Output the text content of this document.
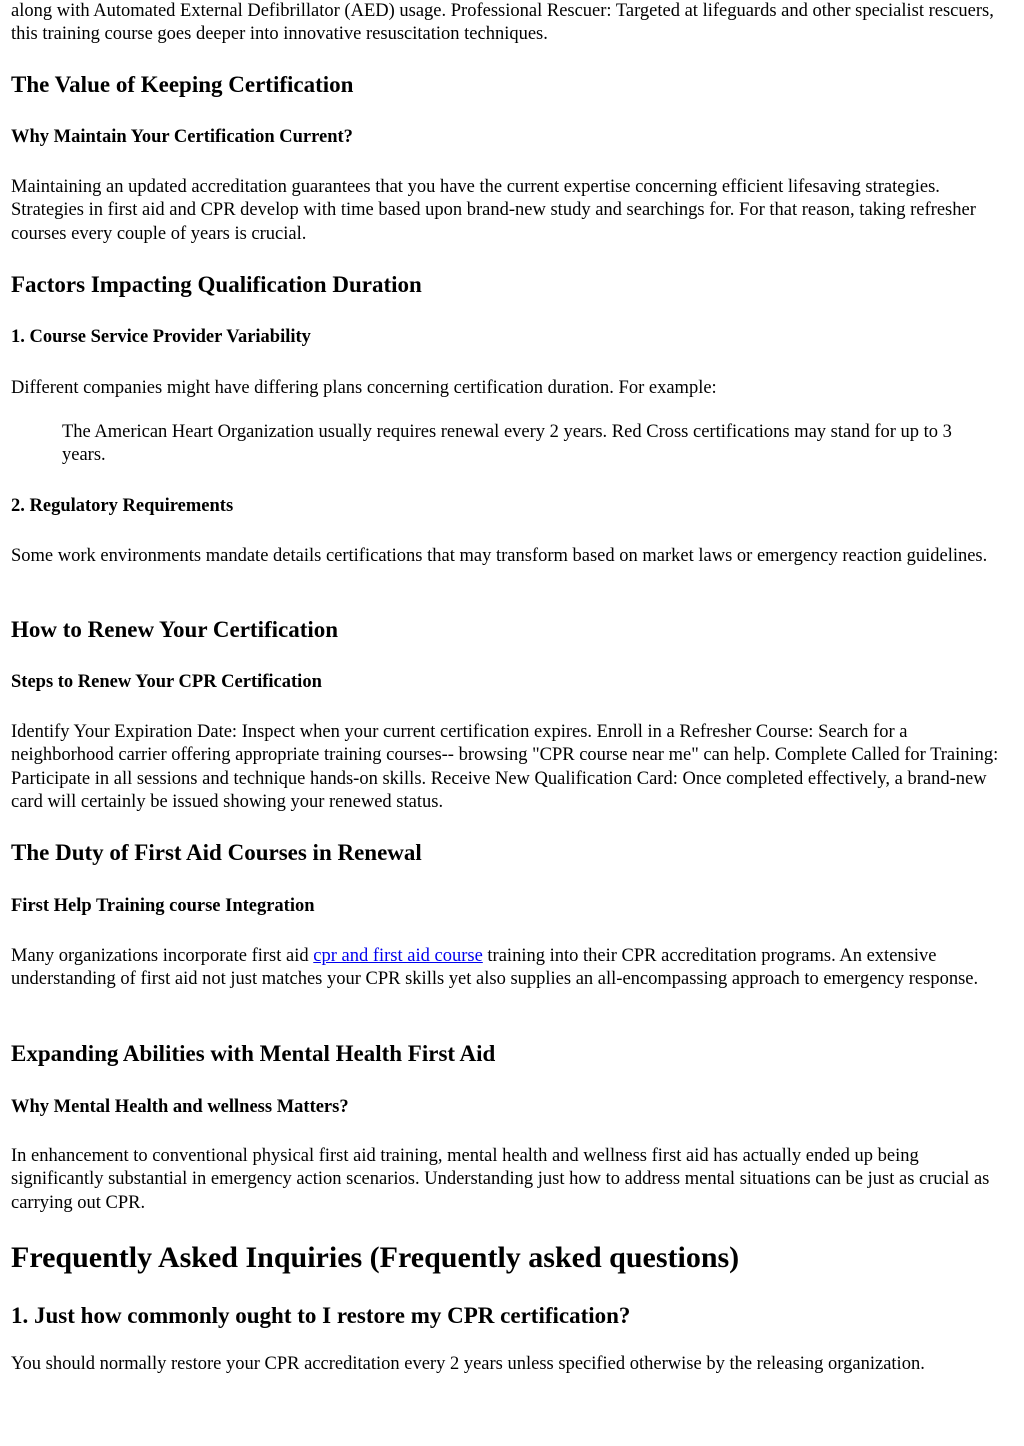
along with Automated External Defibrillator (AED) usage. Professional Rescuer: Targeted at lifeguards and other specialist rescuers, this training course goes deeper into innovative resuscitation techniques.

The Value of Keeping Certification
Why Maintain Your Certification Current?

Maintaining an updated accreditation guarantees that you have the current expertise concerning efficient lifesaving strategies. Strategies in first aid and CPR develop with time based upon brand-new study and searchings for. For that reason, taking refresher courses every couple of years is crucial.

Factors Impacting Qualification Duration
1. Course Service Provider Variability

Different companies might have differing plans concerning certification duration. For example:

The American Heart Organization usually requires renewal every 2 years. Red Cross certifications may stand for up to 3 years.

2. Regulatory Requirements

Some work environments mandate details certifications that may transform based on market laws or emergency reaction guidelines.

How to Renew Your Certification
Steps to Renew Your CPR Certification

Identify Your Expiration Date: Inspect when your current certification expires. Enroll in a Refresher Course: Search for a neighborhood carrier offering appropriate training courses-- browsing "CPR course near me" can help. Complete Called for Training: Participate in all sessions and technique hands-on skills. Receive New Qualification Card: Once completed effectively, a brand-new card will certainly be issued showing your renewed status.

The Duty of First Aid Courses in Renewal
First Help Training course Integration

Many organizations incorporate first aid cpr and first aid course training into their CPR accreditation programs. An extensive understanding of first aid not just matches your CPR skills yet also supplies an all-encompassing approach to emergency response.

Expanding Abilities with Mental Health First Aid
Why Mental Health and wellness Matters?

In enhancement to conventional physical first aid training, mental health and wellness first aid has actually ended up being significantly substantial in emergency action scenarios. Understanding just how to address mental situations can be just as crucial as carrying out CPR.

Frequently Asked Inquiries (Frequently asked questions)
1. Just how commonly ought to I restore my CPR certification?

You should normally restore your CPR accreditation every 2 years unless specified otherwise by the releasing organization.
